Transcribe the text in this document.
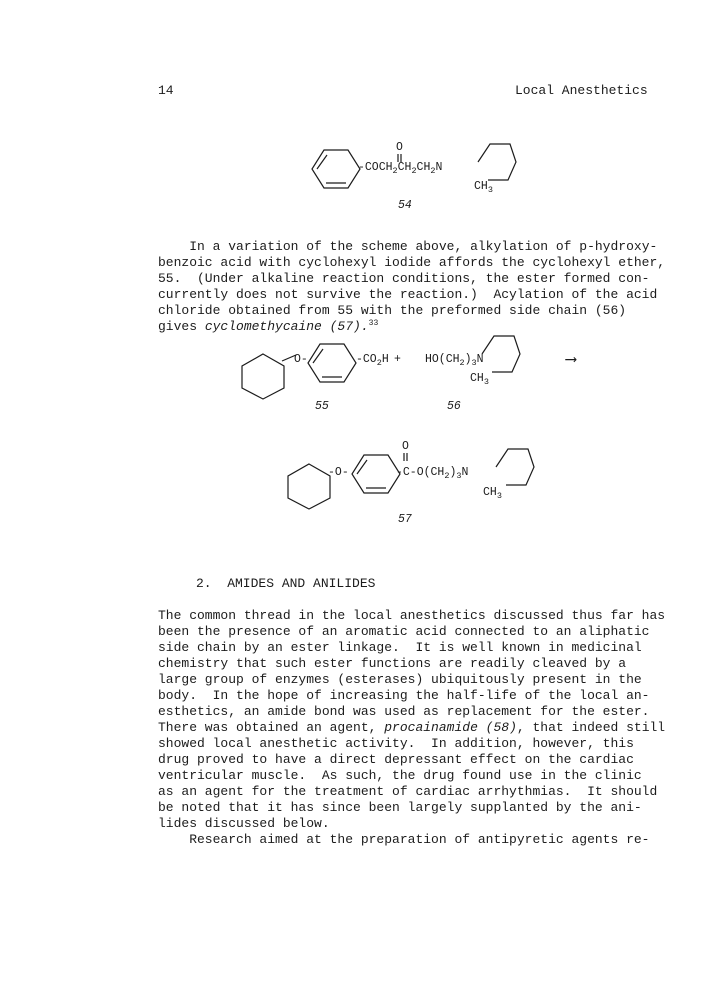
14	Local Anesthetics
O
$-COCH_2CH_2CH_2N$
$CH_3$
54
In a variation of the scheme above, alkylation of p-hydroxy-
benzoic acid with cyclohexyl iodide affords the cyclohexyl ether,
55.  (Under alkaline reaction conditions, the ester formed con-
currently does not survive the reaction.)  Acylation of the acid
chloride obtained from 55 with the preformed side chain (56)
gives cyclomethycaine (57).$^{33}$
O-	$-CO_2H$
55
+ $HO(CH_2)_3N$
$CH_3$
56
⟶
-O-
O
$-C-O(CH_2)_3N$
$CH_3$
57
2.  AMIDES AND ANILIDES
The common thread in the local anesthetics discussed thus far has
been the presence of an aromatic acid connected to an aliphatic
side chain by an ester linkage.  It is well known in medicinal
chemistry that such ester functions are readily cleaved by a
large group of enzymes (esterases) ubiquitously present in the
body.  In the hope of increasing the half-life of the local an-
esthetics, an amide bond was used as replacement for the ester.
There was obtained an agent, procainamide (58), that indeed still
showed local anesthetic activity.  In addition, however, this
drug proved to have a direct depressant effect on the cardiac
ventricular muscle.  As such, the drug found use in the clinic
as an agent for the treatment of cardiac arrhythmias.  It should
be noted that it has since been largely supplanted by the ani-
lides discussed below.
Research aimed at the preparation of antipyretic agents re-
